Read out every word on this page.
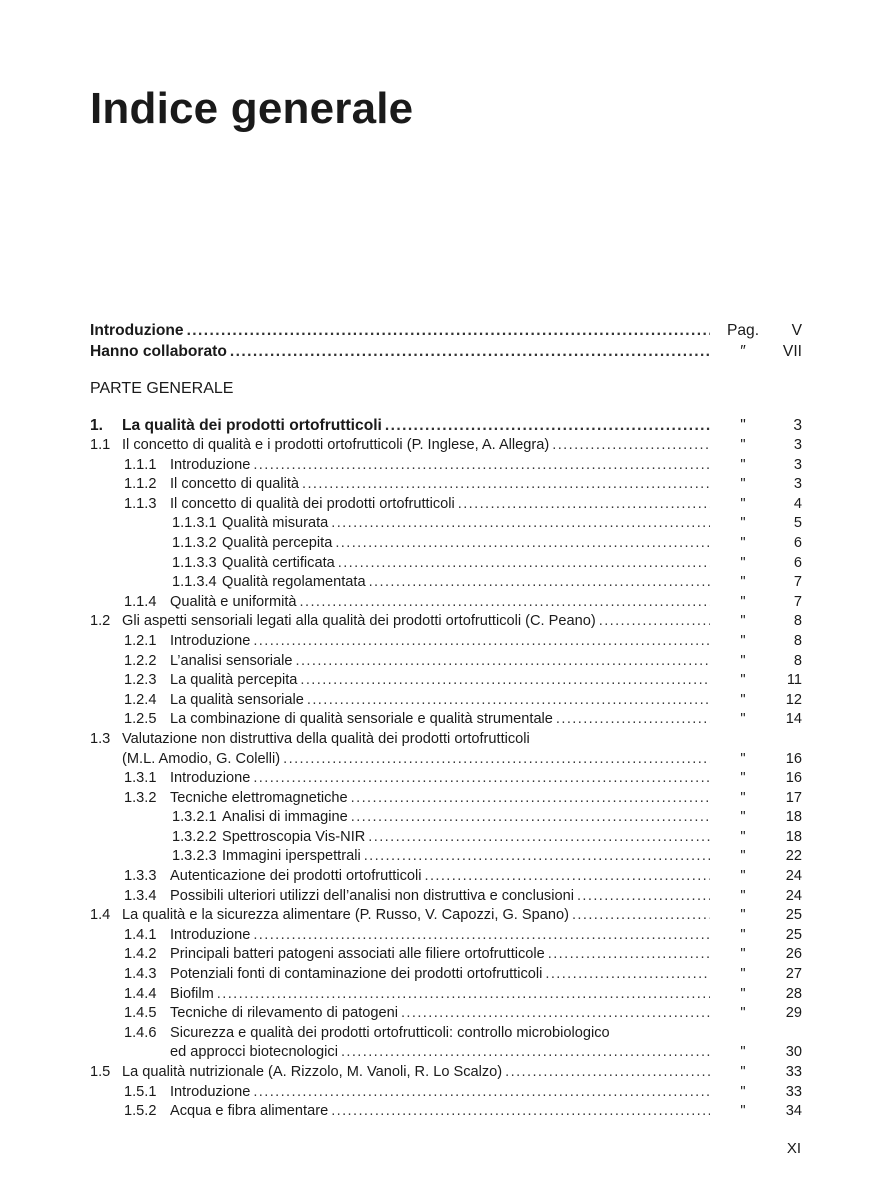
Indice generale
Introduzione .....	Pag.	V
Hanno collaborato .....	″	VII
PARTE GENERALE
1.	La qualità dei prodotti ortofrutticoli .....	"	3
1.1 Il concetto di qualità e i prodotti ortofrutticoli (P. Inglese, A. Allegra) .....	"	3
1.1.1 Introduzione .....	"	3
1.1.2 Il concetto di qualità .....	"	3
1.1.3 Il concetto di qualità dei prodotti ortofrutticoli .....	"	4
1.1.3.1 Qualità misurata .....	"	5
1.1.3.2 Qualità percepita .....	"	6
1.1.3.3 Qualità certificata .....	"	6
1.1.3.4 Qualità regolamentata .....	"	7
1.1.4 Qualità e uniformità .....	"	7
1.2 Gli aspetti sensoriali legati alla qualità dei prodotti ortofrutticoli (C. Peano) .....	"	8
1.2.1 Introduzione .....	"	8
1.2.2 L’analisi sensoriale .....	"	8
1.2.3 La qualità percepita .....	"	11
1.2.4 La qualità sensoriale .....	"	12
1.2.5 La combinazione di qualità sensoriale e qualità strumentale .....	"	14
1.3 Valutazione non distruttiva della qualità dei prodotti ortofrutticoli
(M.L. Amodio, G. Colelli) .....	"	16
1.3.1 Introduzione .....	"	16
1.3.2 Tecniche elettromagnetiche .....	"	17
1.3.2.1 Analisi di immagine .....	"	18
1.3.2.2 Spettroscopia Vis-NIR .....	"	18
1.3.2.3 Immagini iperspettrali .....	"	22
1.3.3 Autenticazione dei prodotti ortofrutticoli .....	"	24
1.3.4 Possibili ulteriori utilizzi dell’analisi non distruttiva e conclusioni .....	"	24
1.4 La qualità e la sicurezza alimentare (P. Russo, V. Capozzi, G. Spano) .....	"	25
1.4.1 Introduzione .....	"	25
1.4.2 Principali batteri patogeni associati alle filiere ortofrutticole .....	"	26
1.4.3 Potenziali fonti di contaminazione dei prodotti ortofrutticoli .....	"	27
1.4.4 Biofilm .....	"	28
1.4.5 Tecniche di rilevamento di patogeni .....	"	29
1.4.6 Sicurezza e qualità dei prodotti ortofrutticoli: controllo microbiologico
ed approcci biotecnologici .....	"	30
1.5 La qualità nutrizionale (A. Rizzolo, M. Vanoli, R. Lo Scalzo) .....	"	33
1.5.1 Introduzione .....	"	33
1.5.2 Acqua e fibra alimentare .....	"	34
XI
